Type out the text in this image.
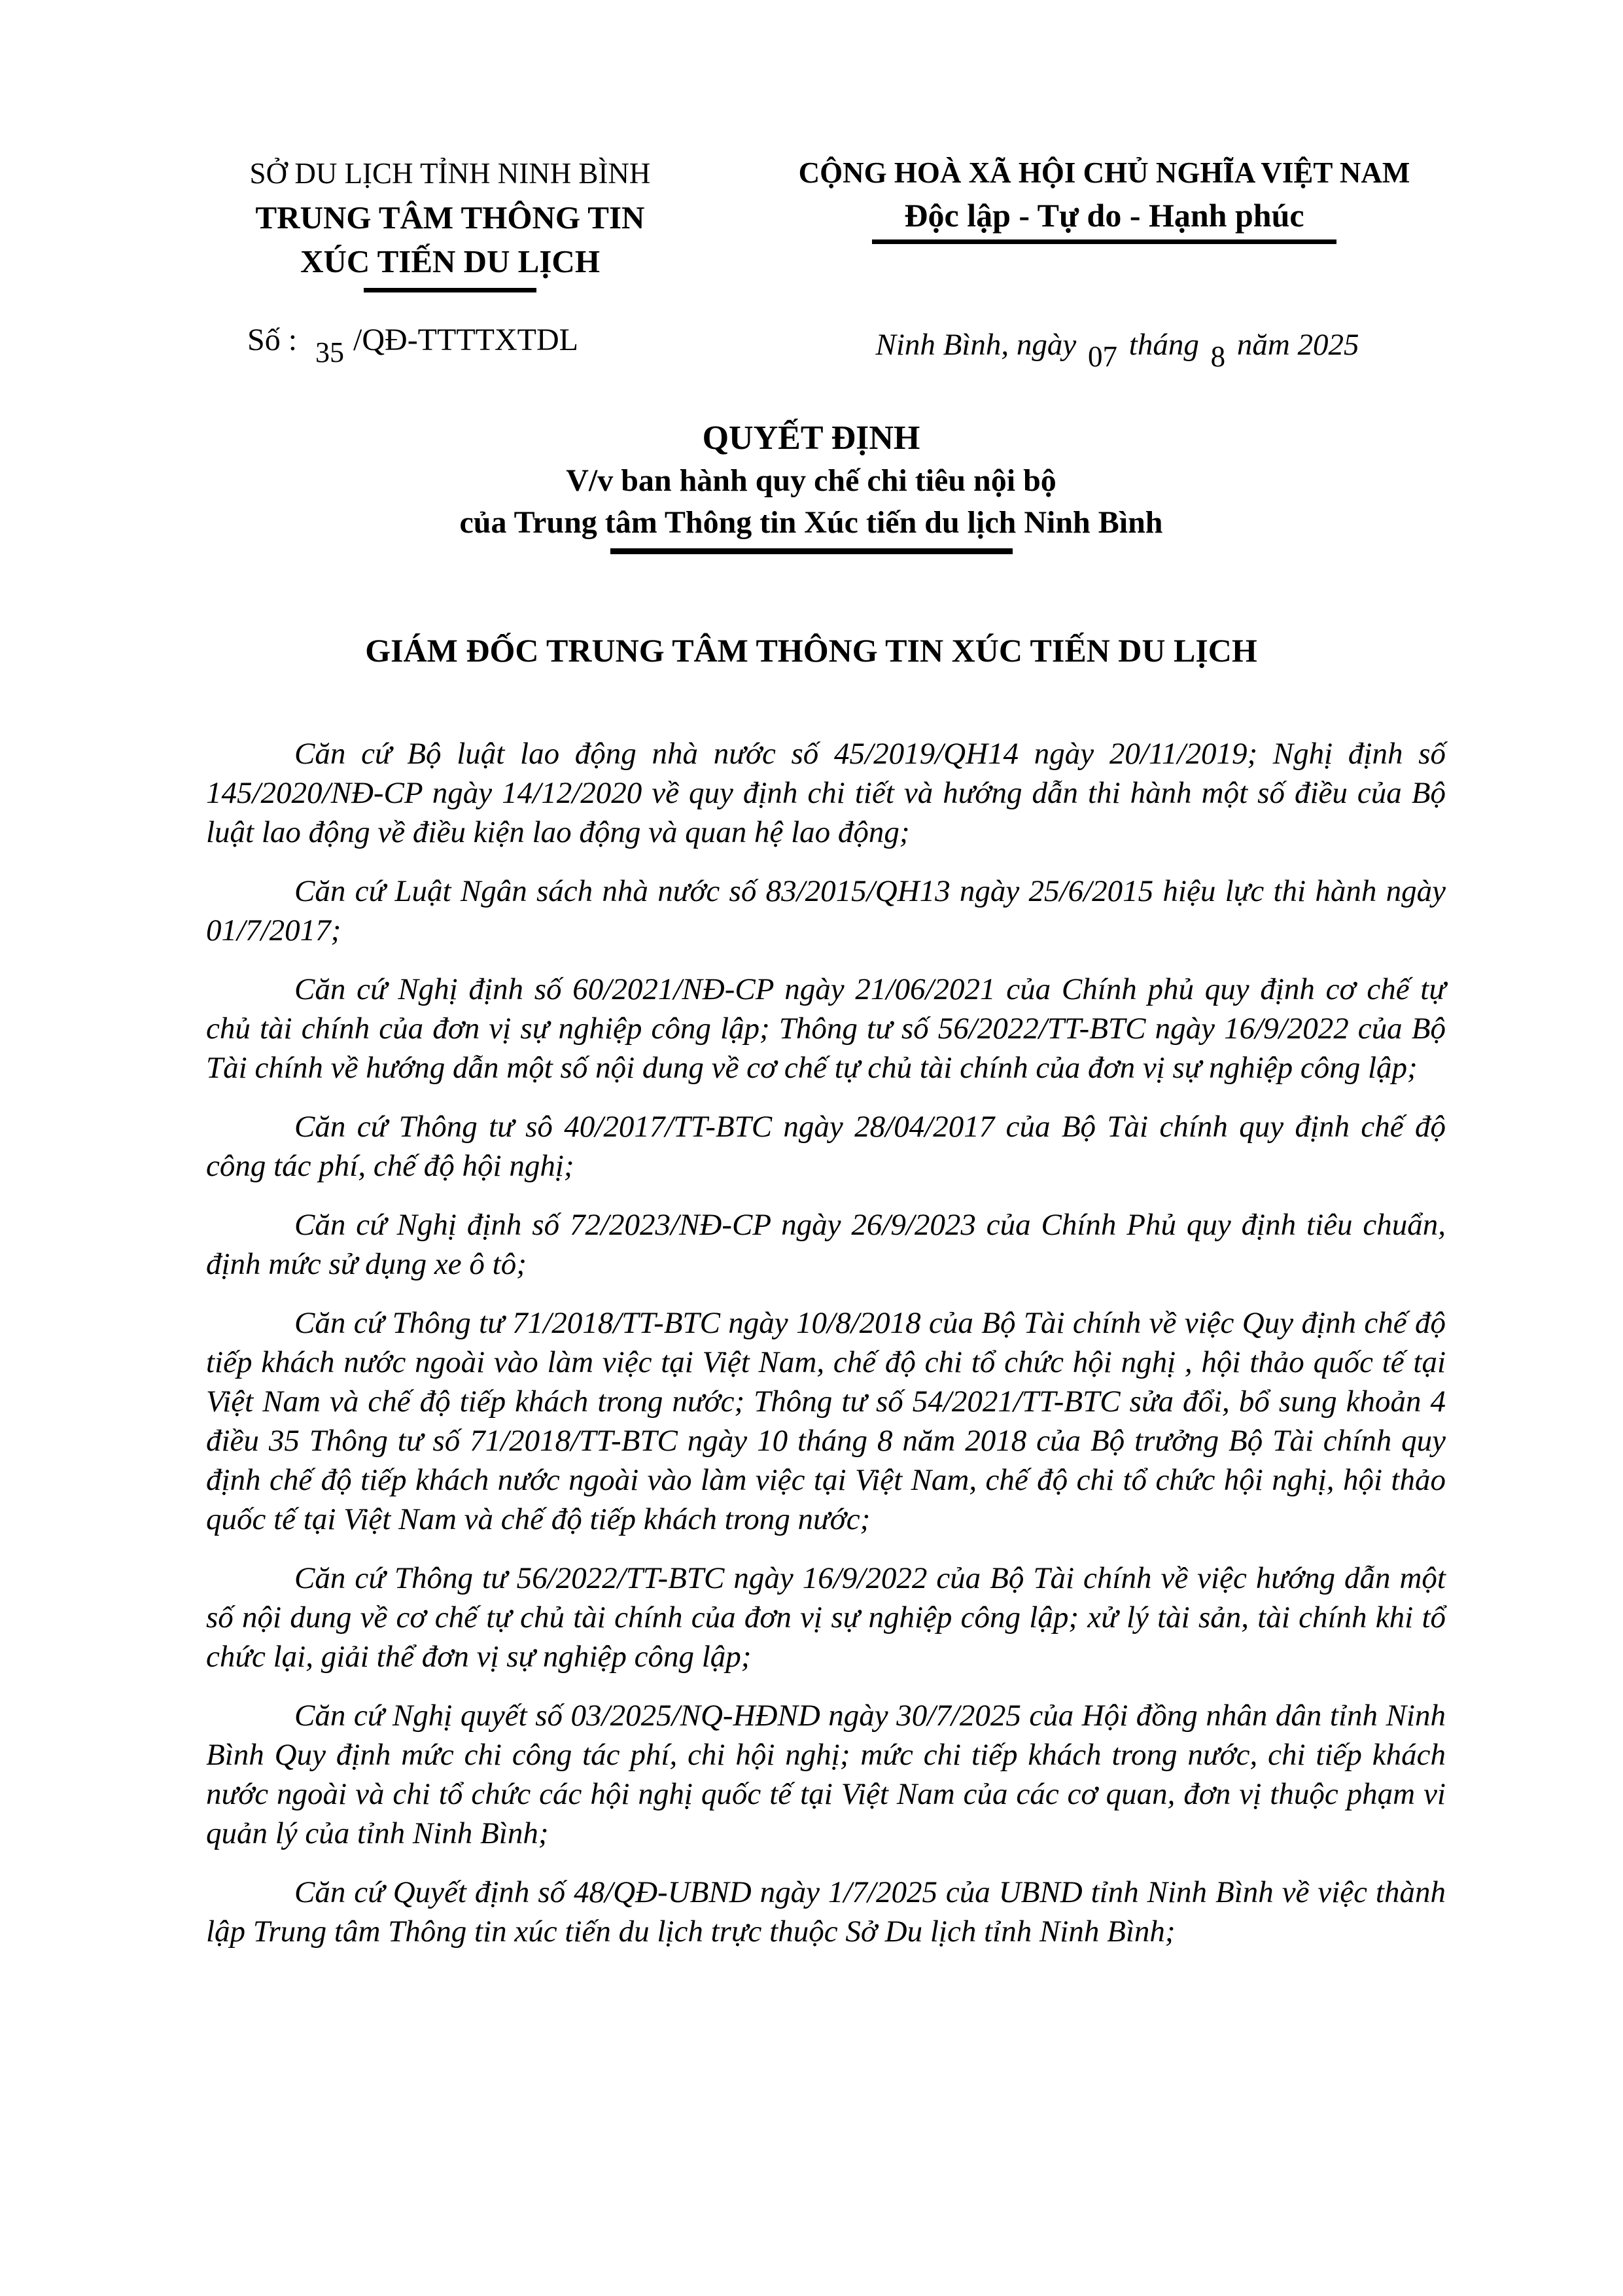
SỞ DU LỊCH TỈNH NINH BÌNH
TRUNG TÂM THÔNG TIN
XÚC TIẾN DU LỊCH
CỘNG HOÀ XÃ HỘI CHỦ NGHĨA VIỆT NAM
Độc lập - Tự do - Hạnh phúc
Số : 35 /QĐ-TTTTXTDL	Ninh Bình, ngày 07 tháng 8 năm 2025
QUYẾT ĐỊNH
V/v ban hành quy chế chi tiêu nội bộ
của Trung tâm Thông tin Xúc tiến du lịch Ninh Bình
GIÁM ĐỐC TRUNG TÂM THÔNG TIN XÚC TIẾN DU LỊCH

Căn cứ Bộ luật lao động nhà nước số 45/2019/QH14 ngày 20/11/2019; Nghị định số 145/2020/NĐ-CP ngày 14/12/2020 về quy định chi tiết và hướng dẫn thi hành một số điều của Bộ luật lao động về điều kiện lao động và quan hệ lao động;

Căn cứ Luật Ngân sách nhà nước số 83/2015/QH13 ngày 25/6/2015 hiệu lực thi hành ngày 01/7/2017;

Căn cứ Nghị định số 60/2021/NĐ-CP ngày 21/06/2021 của Chính phủ quy định cơ chế tự chủ tài chính của đơn vị sự nghiệp công lập; Thông tư số 56/2022/TT-BTC ngày 16/9/2022 của Bộ Tài chính về hướng dẫn một số nội dung về cơ chế tự chủ tài chính của đơn vị sự nghiệp công lập;

Căn cứ Thông tư sô 40/2017/TT-BTC ngày 28/04/2017 của Bộ Tài chính quy định chế độ công tác phí, chế độ hội nghị;

Căn cứ Nghị định số 72/2023/NĐ-CP ngày 26/9/2023 của Chính Phủ quy định tiêu chuẩn, định mức sử dụng xe ô tô;

Căn cứ Thông tư 71/2018/TT-BTC ngày 10/8/2018 của Bộ Tài chính về việc Quy định chế độ tiếp khách nước ngoài vào làm việc tại Việt Nam, chế độ chi tổ chức hội nghị , hội thảo quốc tế tại Việt Nam và chế độ tiếp khách trong nước; Thông tư số 54/2021/TT-BTC sửa đổi, bổ sung khoản 4 điều 35 Thông tư số 71/2018/TT-BTC ngày 10 tháng 8 năm 2018 của Bộ trưởng Bộ Tài chính quy định chế độ tiếp khách nước ngoài vào làm việc tại Việt Nam, chế độ chi tổ chức hội nghị, hội thảo quốc tế tại Việt Nam và chế độ tiếp khách trong nước;

Căn cứ Thông tư 56/2022/TT-BTC ngày 16/9/2022 của Bộ Tài chính về việc hướng dẫn một số nội dung về cơ chế tự chủ tài chính của đơn vị sự nghiệp công lập; xử lý tài sản, tài chính khi tổ chức lại, giải thể đơn vị sự nghiệp công lập;

Căn cứ Nghị quyết số 03/2025/NQ-HĐND ngày 30/7/2025 của Hội đồng nhân dân tỉnh Ninh Bình Quy định mức chi công tác phí, chi hội nghị; mức chi tiếp khách trong nước, chi tiếp khách nước ngoài và chi tổ chức các hội nghị quốc tế tại Việt Nam của các cơ quan, đơn vị thuộc phạm vi quản lý của tỉnh Ninh Bình;

Căn cứ Quyết định số 48/QĐ-UBND ngày 1/7/2025 của UBND tỉnh Ninh Bình về việc thành lập Trung tâm Thông tin xúc tiến du lịch trực thuộc Sở Du lịch tỉnh Ninh Bình;
